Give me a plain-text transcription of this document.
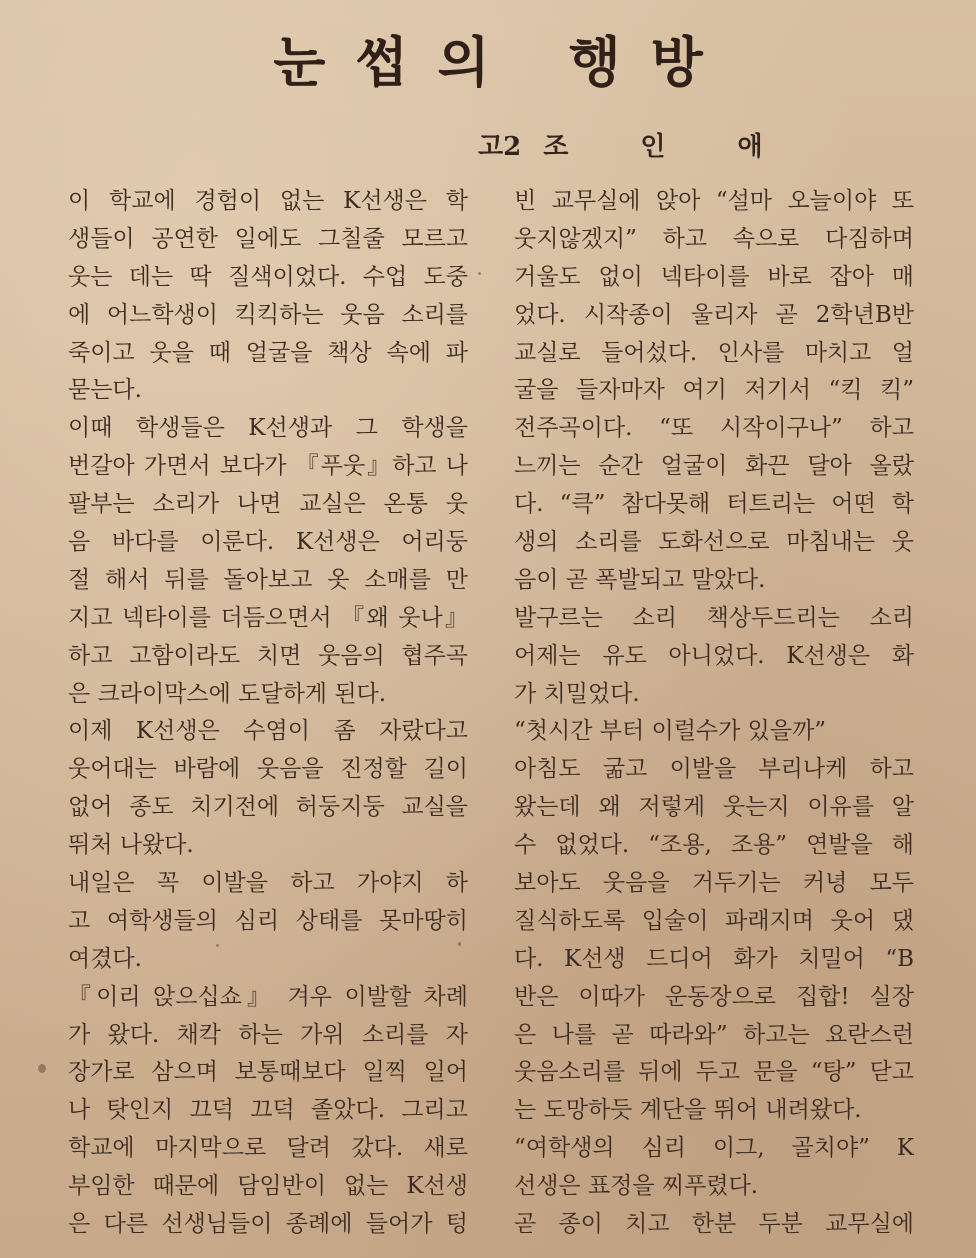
눈썹의 행방
고2 조	인	애
이 학교에 경험이 없는 K선생은 학
생들이 공연한 일에도 그칠줄 모르고
웃는 데는 딱 질색이었다. 수업 도중
에 어느학생이 킥킥하는 웃음 소리를
죽이고 웃을 때 얼굴을 책상 속에 파
묻는다.
이때 학생들은 K선생과 그 학생을
번갈아 가면서 보다가 『푸웃』하고 나
팔부는 소리가 나면 교실은 온통 웃
음 바다를 이룬다. K선생은 어리둥
절 해서 뒤를 돌아보고 옷 소매를 만
지고 넥타이를 더듬으면서 『왜 웃나』
하고 고함이라도 치면 웃음의 협주곡
은 크라이막스에 도달하게 된다.
이제 K선생은 수염이 좀 자랐다고
웃어대는 바람에 웃음을 진정할 길이
없어 종도 치기전에 허둥지둥 교실을
뛰처 나왔다.
내일은 꼭 이발을 하고 가야지 하
고 여학생들의 심리 상태를 못마땅히
여겼다.
『이리 앉으십쇼』 겨우 이발할 차례
가 왔다. 채칵 하는 가위 소리를 자
장가로 삼으며 보통때보다 일찍 일어
나 탓인지 끄덕 끄덕 졸았다. 그리고
학교에 마지막으로 달려 갔다. 새로
부임한 때문에 담임반이 없는 K선생
은 다른 선생님들이 종례에 들어가 텅
빈 교무실에 앉아 “설마 오늘이야 또
웃지않겠지” 하고 속으로 다짐하며
거울도 없이 넥타이를 바로 잡아 매
었다. 시작종이 울리자 곧 2학년B반
교실로 들어섰다. 인사를 마치고 얼
굴을 들자마자 여기 저기서 “킥 킥”
전주곡이다. “또 시작이구나” 하고
느끼는 순간 얼굴이 화끈 달아 올랐
다. “큭” 참다못해 터트리는 어떤 학
생의 소리를 도화선으로 마침내는 웃
음이 곧 폭발되고 말았다.
발구르는 소리 책상두드리는 소리
어제는 유도 아니었다. K선생은 화
가 치밀었다.
“첫시간 부터 이럴수가 있을까”
아침도 굶고 이발을 부리나케 하고
왔는데 왜 저렇게 웃는지 이유를 알
수 없었다. “조용, 조용” 연발을 해
보아도 웃음을 거두기는 커녕 모두
질식하도록 입술이 파래지며 웃어 댔
다. K선생 드디어 화가 치밀어 “B
반은 이따가 운동장으로 집합! 실장
은 나를 곧 따라와” 하고는 요란스런
웃음소리를 뒤에 두고 문을 “탕” 닫고
는 도망하듯 계단을 뛰어 내려왔다.
“여학생의 심리 이그, 골치야” K
선생은 표정을 찌푸렸다.
곧 종이 치고 한분 두분 교무실에
